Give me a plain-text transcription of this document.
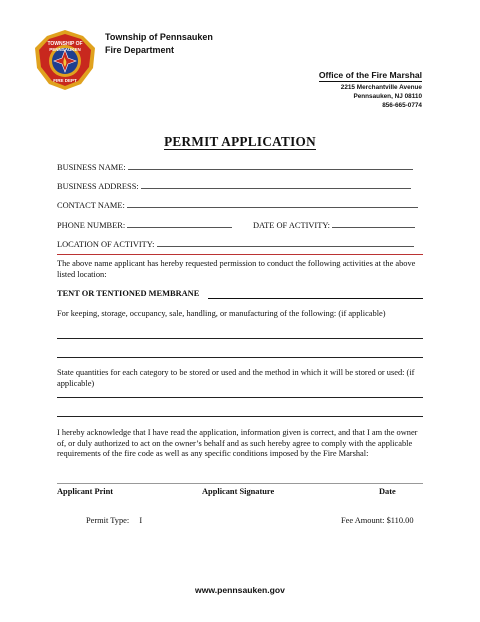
TOWNSHIP OF
PENNSAUKEN
FIRE DEPT
Township of Pennsauken
Fire Department
Office of the Fire Marshal
2215 Merchantville Avenue
Pennsauken, NJ 08110
856-665-0774
PERMIT APPLICATION
BUSINESS NAME:
BUSINESS ADDRESS:
CONTACT NAME:
PHONE NUMBER:	DATE OF ACTIVITY:
LOCATION OF ACTIVITY:
The above name applicant has hereby requested permission to conduct the following activities at the above listed location:
TENT OR TENTIONED MEMBRANE
For keeping, storage, occupancy, sale, handling, or manufacturing of the following: (if applicable)
State quantities for each category to be stored or used and the method in which it will be stored or used: (if applicable)
I hereby acknowledge that I have read the application, information given is correct, and that I am the owner of, or duly authorized to act on the owner’s behalf and as such hereby agree to comply with the applicable requirements of the fire code as well as any specific conditions imposed by the Fire Marshal:
Applicant Print	Applicant Signature	Date
Permit Type: I	Fee Amount: $110.00
www.pennsauken.gov
